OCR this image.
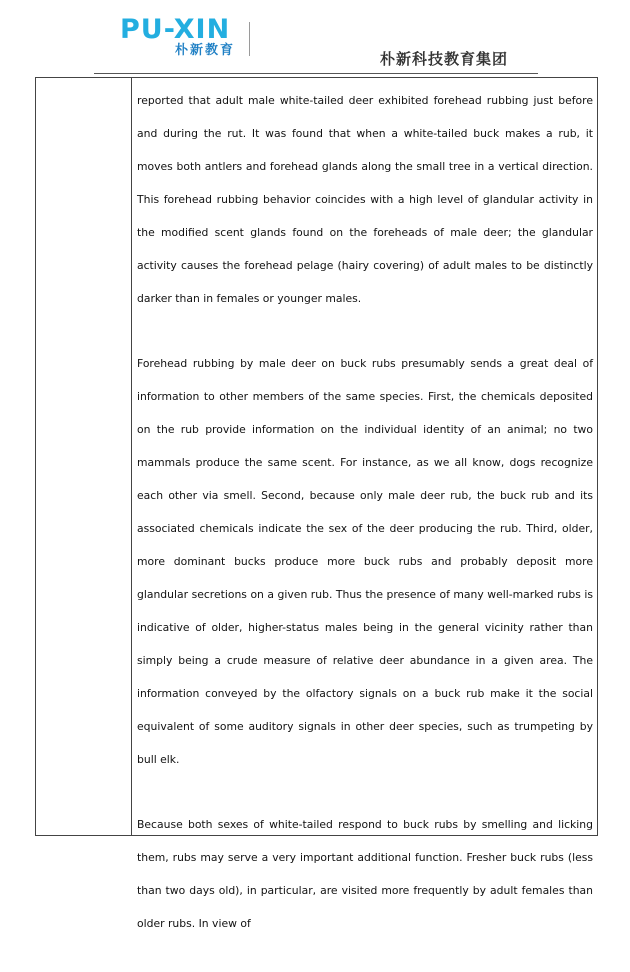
PU-XIN
朴新教育	朴新科技教育集团

reported that adult male white-tailed deer exhibited forehead rubbing just before and during the rut. It was found that when a white-tailed buck makes a rub, it moves both antlers and forehead glands along the small tree in a vertical direction. This forehead rubbing behavior coincides with a high level of glandular activity in the modified scent glands found on the foreheads of male deer; the glandular activity causes the forehead pelage (hairy covering) of adult males to be distinctly darker than in females or younger males.

Forehead rubbing by male deer on buck rubs presumably sends a great deal of information to other members of the same species. First, the chemicals deposited on the rub provide information on the individual identity of an animal; no two mammals produce the same scent. For instance, as we all know, dogs recognize each other via smell. Second, because only male deer rub, the buck rub and its associated chemicals indicate the sex of the deer producing the rub. Third, older, more dominant bucks produce more buck rubs and probably deposit more glandular secretions on a given rub. Thus the presence of many well-marked rubs is indicative of older, higher-status males being in the general vicinity rather than simply being a crude measure of relative deer abundance in a given area. The information conveyed by the olfactory signals on a buck rub make it the social equivalent of some auditory signals in other deer species, such as trumpeting by bull elk.

Because both sexes of white-tailed respond to buck rubs by smelling and licking them, rubs may serve a very important additional function. Fresher buck rubs (less than two days old), in particular, are visited more frequently by adult females than older rubs. In view of
